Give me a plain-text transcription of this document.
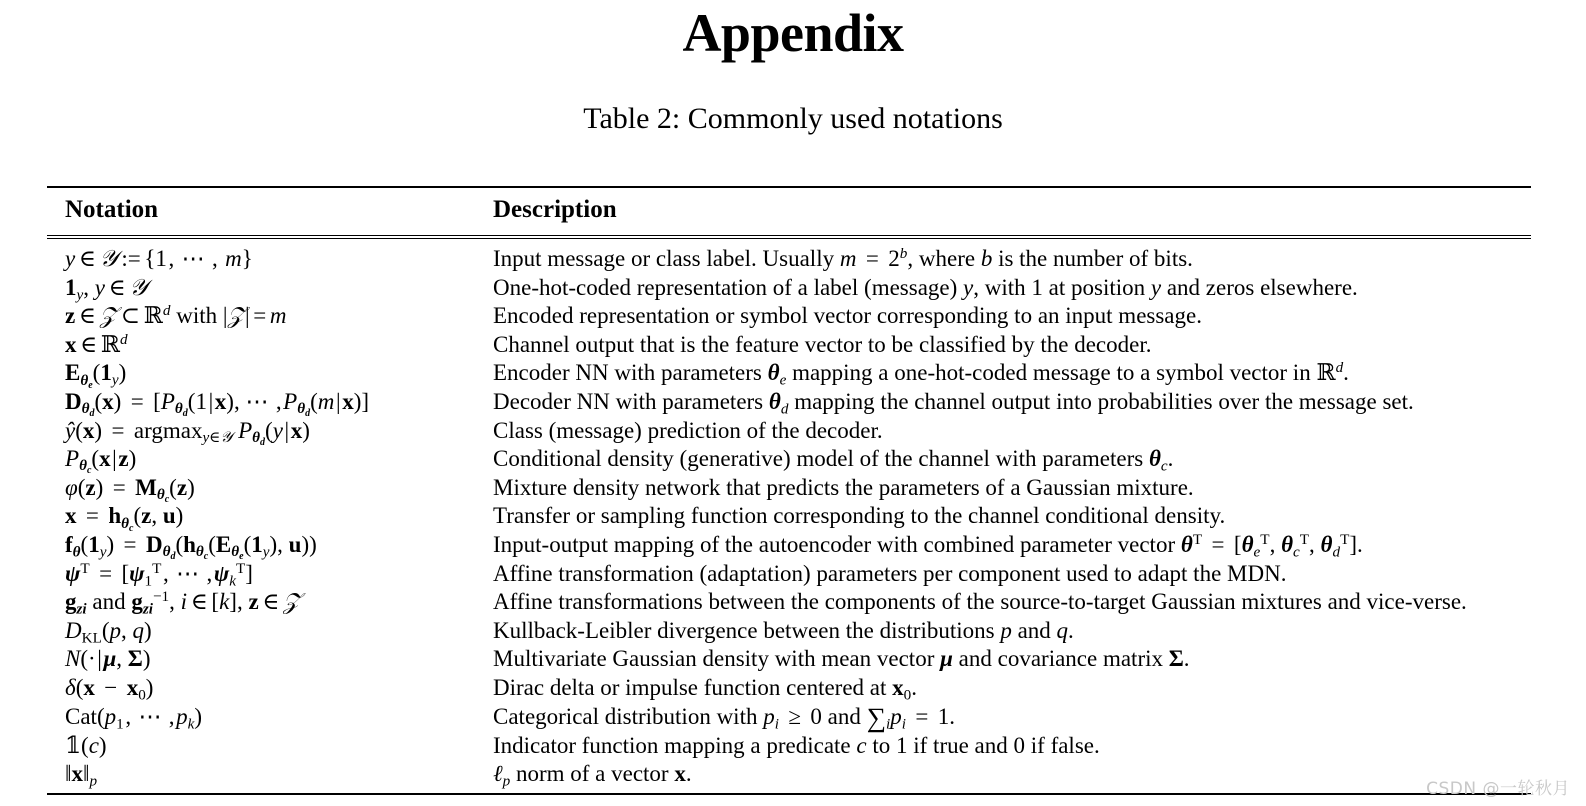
Appendix
Table 2: Commonly used notations
Notation	Description
y ∈ 𝒴 := {1, ⋯ , m}	Input message or class label. Usually $m = 2^b$, where b is the number of bits.
$1_y$, y ∈ 𝒴	One-hot-coded representation of a label (message) y, with 1 at position y and zeros elsewhere.
z ∈ 𝒵 ⊂ ℝ$^d$ with |𝒵| = m	Encoded representation or symbol vector corresponding to an input message.
x ∈ ℝ$^d$	Channel output that is the feature vector to be classified by the decoder.
$E_{\theta_e}(1_y)$	Encoder NN with parameters $\theta_e$ mapping a one-hot-coded message to a symbol vector in ℝ$^d$.
$D_{\theta_d}(x) = [P_{\theta_d}(1|x)$, ⋯ $,P_{\theta_d}(m|x)$]	Decoder NN with parameters $\theta_d$ mapping the channel output into probabilities over the message set.
ŷ(x) = argmax$_{y\in 𝒴}$ $P_{\theta_d}(y|x)$	Class (message) prediction of the decoder.
$P_{\theta_c}(x|z)$	Conditional density (generative) model of the channel with parameters $\theta_c$.
$\varphi(z) = M_{\theta_c}(z)$	Mixture density network that predicts the parameters of a Gaussian mixture.
$x = h_{\theta_c}(z$, u)	Transfer or sampling function corresponding to the channel conditional density.
$f_\theta(1_y) = D_{\theta_d}(h_{\theta_c}(E_{\theta_e}(1_y)$, u))	Input-output mapping of the autoencoder with combined parameter vector $\theta^T = [\theta_e^T$, $\theta_c^T$, $\theta_d^T$].
$\psi^T = [\psi_1^T$, ⋯ $,\psi_k^T$]	Affine transformation (adaptation) parameters per component used to adapt the MDN.
$g_{zi}$ and $g_{zi}^{-1}$, i ∈ [k], z ∈ 𝒵	Affine transformations between the components of the source-to-target Gaussian mixtures and vice-verse.
$D_{KL}(p$, q)	Kullback-Leibler divergence between the distributions p and q.
N(·|μ, Σ)	Multivariate Gaussian density with mean vector μ and covariance matrix Σ.
$\delta(x - x_0)$	Dirac delta or impulse function centered at $x_0$.
$Cat(p_1$, ⋯ $,p_k$)	Categorical distribution with $p_i \ge 0$ and $\sum_ip_i = 1$.
𝟙(c)	Indicator function mapping a predicate c to 1 if true and 0 if false.
$‖x‖_p$	ℓ$_p$ norm of a vector x.
CSDN @一轮秋月
